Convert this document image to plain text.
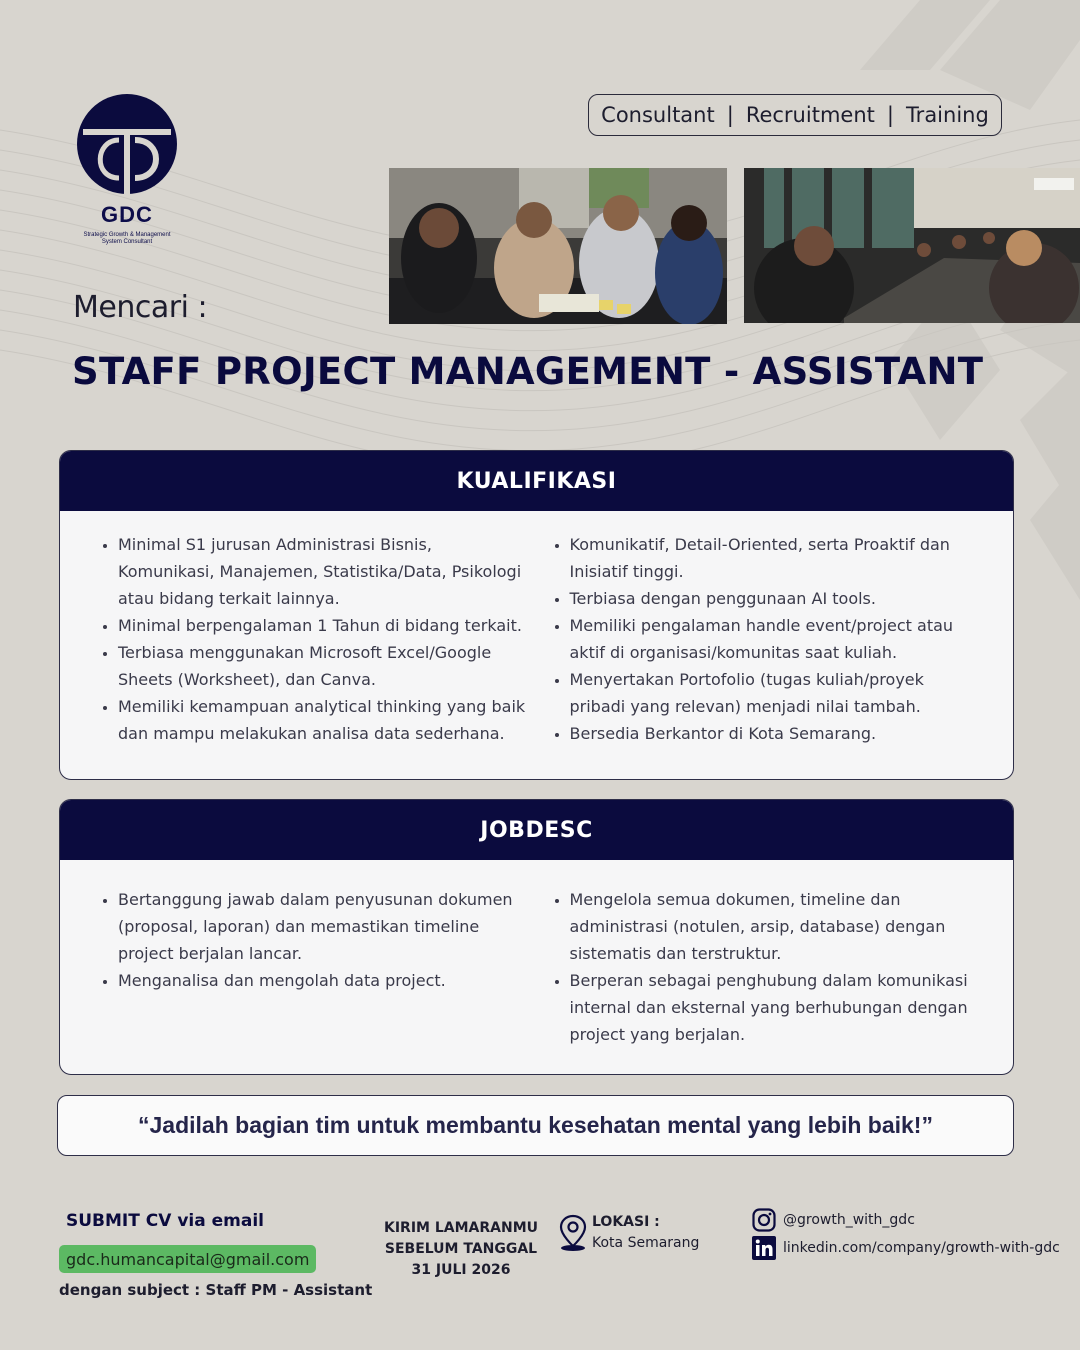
GDC
Strategic Growth & Management
System Consultant
Consultant | Recruitment | Training
Mencari :
STAFF PROJECT MANAGEMENT - ASSISTANT
KUALIFIKASI
• Minimal S1 jurusan Administrasi Bisnis, Komunikasi, Manajemen, Statistika/Data, Psikologi atau bidang terkait lainnya.
• Minimal berpengalaman 1 Tahun di bidang terkait.
• Terbiasa menggunakan Microsoft Excel/Google Sheets (Worksheet), dan Canva.
• Memiliki kemampuan analytical thinking yang baik dan mampu melakukan analisa data sederhana.
• Komunikatif, Detail-Oriented, serta Proaktif dan Inisiatif tinggi.
• Terbiasa dengan penggunaan AI tools.
• Memiliki pengalaman handle event/project atau aktif di organisasi/komunitas saat kuliah.
• Menyertakan Portofolio (tugas kuliah/proyek pribadi yang relevan) menjadi nilai tambah.
• Bersedia Berkantor di Kota Semarang.
JOBDESC
• Bertanggung jawab dalam penyusunan dokumen (proposal, laporan) dan memastikan timeline project berjalan lancar.
• Menganalisa dan mengolah data project.
• Mengelola semua dokumen, timeline dan administrasi (notulen, arsip, database) dengan sistematis dan terstruktur.
• Berperan sebagai penghubung dalam komunikasi internal dan eksternal yang berhubungan dengan project yang berjalan.
“Jadilah bagian tim untuk membantu kesehatan mental yang lebih baik!”
SUBMIT CV via email
gdc.humancapital@gmail.com
dengan subject : Staff PM - Assistant
KIRIM LAMARANMU
SEBELUM TANGGAL
31 JULI 2026
LOKASI :
Kota Semarang
@growth_with_gdc
linkedin.com/company/growth-with-gdc
